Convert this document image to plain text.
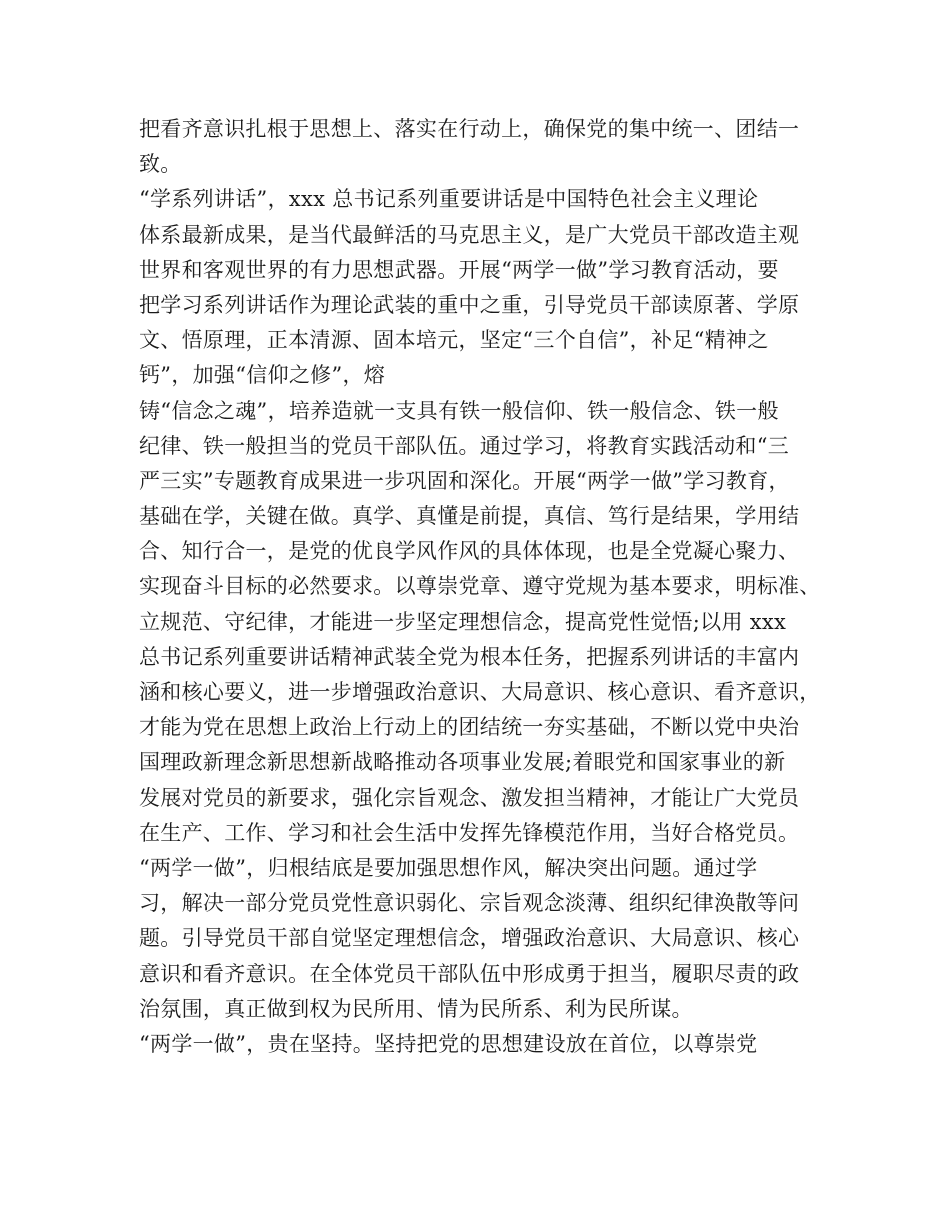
把看齐意识扎根于思想上、落实在行动上，确保党的集中统一、团结一
致。
“学系列讲话”，xxx 总书记系列重要讲话是中国特色社会主义理论
体系最新成果，是当代最鲜活的马克思主义，是广大党员干部改造主观
世界和客观世界的有力思想武器。开展“两学一做”学习教育活动，要
把学习系列讲话作为理论武装的重中之重，引导党员干部读原著、学原
文、悟原理，正本清源、固本培元，坚定“三个自信”，补足“精神之
钙”，加强“信仰之修”，熔
铸“信念之魂”，培养造就一支具有铁一般信仰、铁一般信念、铁一般
纪律、铁一般担当的党员干部队伍。通过学习，将教育实践活动和“三
严三实”专题教育成果进一步巩固和深化。开展“两学一做”学习教育，
基础在学，关键在做。真学、真懂是前提，真信、笃行是结果，学用结
合、知行合一，是党的优良学风作风的具体体现，也是全党凝心聚力、
实现奋斗目标的必然要求。以尊崇党章、遵守党规为基本要求，明标准、
立规范、守纪律，才能进一步坚定理想信念，提高党性觉悟;以用 xxx
总书记系列重要讲话精神武装全党为根本任务，把握系列讲话的丰富内
涵和核心要义，进一步增强政治意识、大局意识、核心意识、看齐意识，
才能为党在思想上政治上行动上的团结统一夯实基础，不断以党中央治
国理政新理念新思想新战略推动各项事业发展;着眼党和国家事业的新
发展对党员的新要求，强化宗旨观念、激发担当精神，才能让广大党员
在生产、工作、学习和社会生活中发挥先锋模范作用，当好合格党员。
“两学一做”，归根结底是要加强思想作风，解决突出问题。通过学
习，解决一部分党员党性意识弱化、宗旨观念淡薄、组织纪律涣散等问
题。引导党员干部自觉坚定理想信念，增强政治意识、大局意识、核心
意识和看齐意识。在全体党员干部队伍中形成勇于担当，履职尽责的政
治氛围，真正做到权为民所用、情为民所系、利为民所谋。
“两学一做”，贵在坚持。坚持把党的思想建设放在首位，以尊崇党
